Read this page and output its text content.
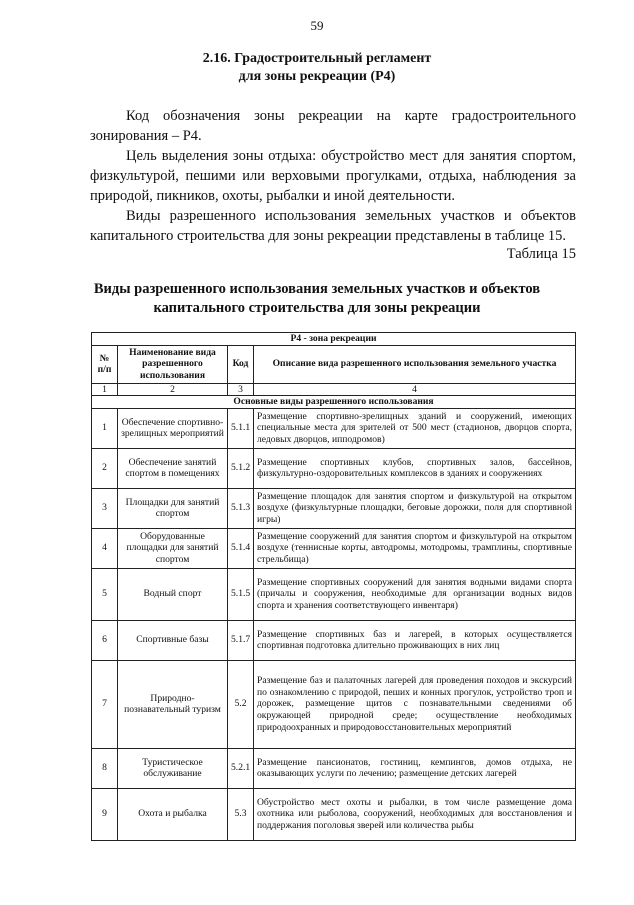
59
2.16. Градостроительный регламент
для зоны рекреации (Р4)
Код обозначения зоны рекреации на карте градостроительного зонирования – Р4.
Цель выделения зоны отдыха: обустройство мест для занятия спортом, физкультурой, пешими или верховыми прогулками, отдыха, наблюдения за природой, пикников, охоты, рыбалки и иной деятельности.
Виды разрешенного использования земельных участков и объектов капитального строительства для зоны рекреации представлены в таблице 15.
Таблица 15
Виды разрешенного использования земельных участков и объектов
капитального строительства для зоны рекреации
Р4 - зона рекреации			
№ п/п	Наименование вида разрешенного использования	Код	Описание вида разрешенного использования земельного участка
1	2	3	4
Основные виды разрешенного использования			
1	Обеспечение спортивно-зрелищных мероприятий	5.1.1	Размещение спортивно-зрелищных зданий и сооружений, имеющих специальные места для зрителей от 500 мест (стадионов, дворцов спорта, ледовых дворцов, ипподромов)
2	Обеспечение занятий спортом в помещениях	5.1.2	Размещение спортивных клубов, спортивных залов, бассейнов, физкультурно-оздоровительных комплексов в зданиях и сооружениях
3	Площадки для занятий спортом	5.1.3	Размещение площадок для занятия спортом и физкультурой на открытом воздухе (физкультурные площадки, беговые дорожки, поля для спортивной игры)
4	Оборудованные площадки для занятий спортом	5.1.4	Размещение сооружений для занятия спортом и физкультурой на открытом воздухе (теннисные корты, автодромы, мотодромы, трамплины, спортивные стрельбища)
5	Водный спорт	5.1.5	Размещение спортивных сооружений для занятия водными видами спорта (причалы и сооружения, необходимые для организации водных видов спорта и хранения соответствующего инвентаря)
6	Спортивные базы	5.1.7	Размещение спортивных баз и лагерей, в которых осуществляется спортивная подготовка длительно проживающих в них лиц
7	Природно-познавательный туризм	5.2	Размещение баз и палаточных лагерей для проведения походов и экскурсий по ознакомлению с природой, пеших и конных прогулок, устройство троп и дорожек, размещение щитов с познавательными сведениями об окружающей природной среде; осуществление необходимых природоохранных и природовосстановительных мероприятий
8	Туристическое обслуживание	5.2.1	Размещение пансионатов, гостиниц, кемпингов, домов отдыха, не оказывающих услуги по лечению; размещение детских лагерей
9	Охота и рыбалка	5.3	Обустройство мест охоты и рыбалки, в том числе размещение дома охотника или рыболова, сооружений, необходимых для восстановления и поддержания поголовья зверей или количества рыбы
